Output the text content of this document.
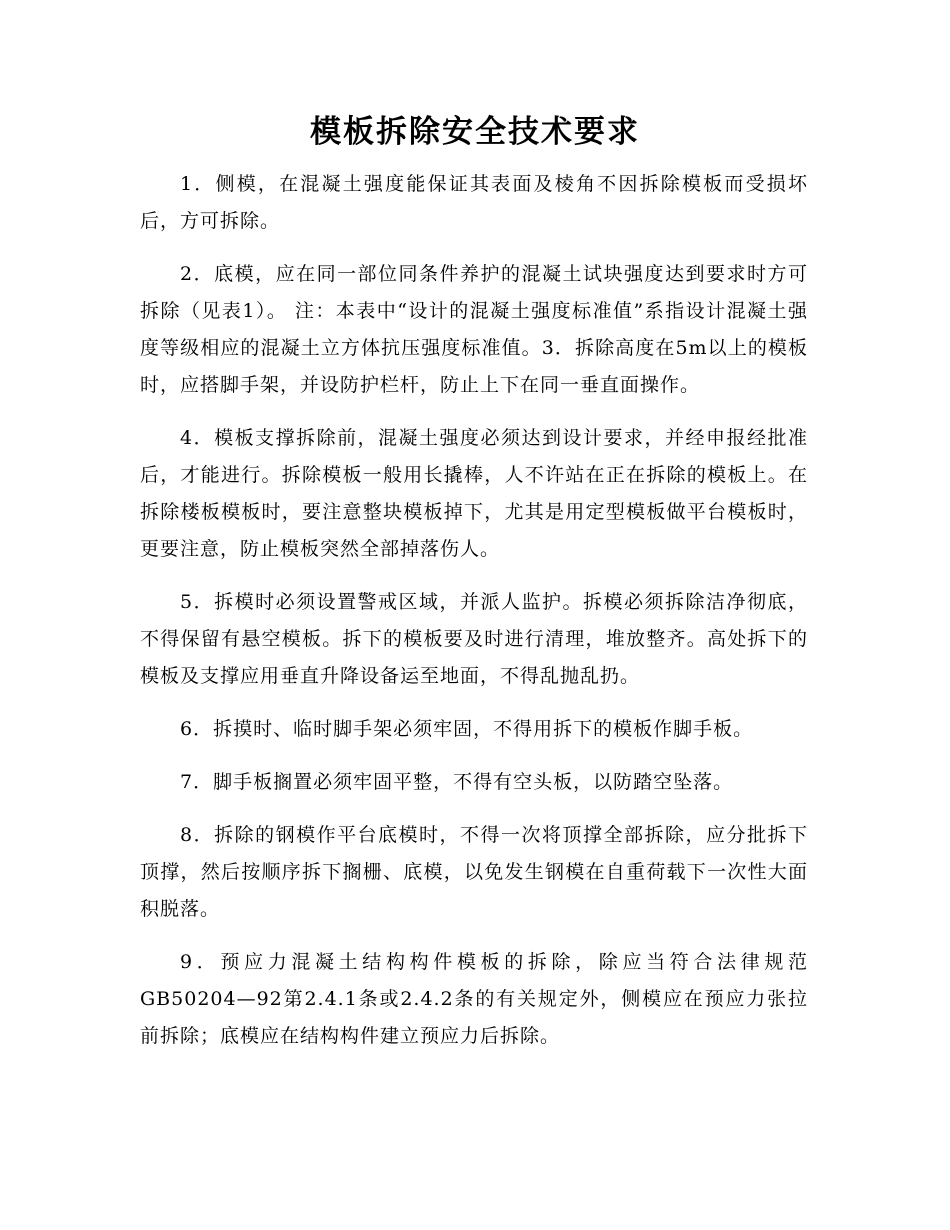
模板拆除安全技术要求

1．侧模，在混凝土强度能保证其表面及棱角不因拆除模板而受损坏后，方可拆除。

2．底模，应在同一部位同条件养护的混凝土试块强度达到要求时方可拆除（见表1）。 注：本表中“设计的混凝土强度标准值”系指设计混凝土强度等级相应的混凝土立方体抗压强度标准值。3．拆除高度在5m以上的模板时，应搭脚手架，并设防护栏杆，防止上下在同一垂直面操作。

4．模板支撑拆除前，混凝土强度必须达到设计要求，并经申报经批准后，才能进行。拆除模板一般用长撬棒，人不许站在正在拆除的模板上。在拆除楼板模板时，要注意整块模板掉下，尤其是用定型模板做平台模板时，更要注意，防止模板突然全部掉落伤人。

5．拆模时必须设置警戒区域，并派人监护。拆模必须拆除洁净彻底，不得保留有悬空模板。拆下的模板要及时进行清理，堆放整齐。高处拆下的模板及支撑应用垂直升降设备运至地面，不得乱抛乱扔。

6．拆摸时、临时脚手架必须牢固，不得用拆下的模板作脚手板。

7．脚手板搁置必须牢固平整，不得有空头板，以防踏空坠落。

8．拆除的钢模作平台底模时，不得一次将顶撑全部拆除，应分批拆下顶撑，然后按顺序拆下搁栅、底模，以免发生钢模在自重荷载下一次性大面积脱落。

9．预应力混凝土结构构件模板的拆除，除应当符合法律规范GB50204—92第2.4.1条或2.4.2条的有关规定外，侧模应在预应力张拉前拆除；底模应在结构构件建立预应力后拆除。
